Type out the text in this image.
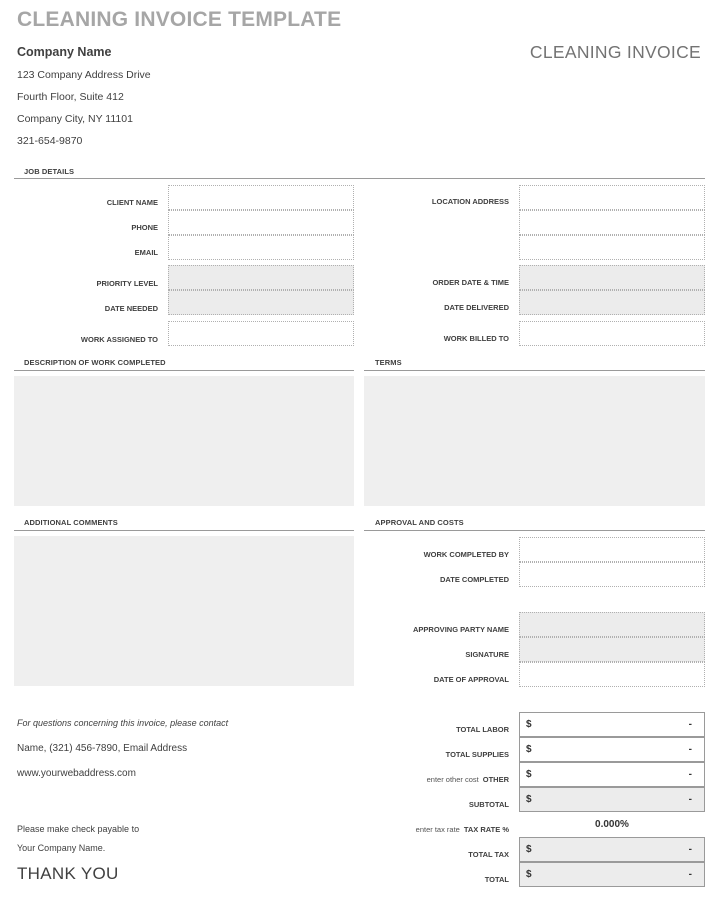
CLEANING INVOICE TEMPLATE
Company Name
123 Company Address Drive
Fourth Floor, Suite 412
Company City, NY 11101
321-654-9870
CLEANING INVOICE
JOB DETAILS
CLIENT NAME
PHONE
EMAIL
PRIORITY LEVEL
DATE NEEDED
WORK ASSIGNED TO
LOCATION ADDRESS
ORDER DATE & TIME
DATE DELIVERED
WORK BILLED TO
DESCRIPTION OF WORK COMPLETED	TERMS
ADDITIONAL COMMENTS	APPROVAL AND COSTS
WORK COMPLETED BY
DATE COMPLETED
APPROVING PARTY NAME
SIGNATURE
DATE OF APPROVAL
TOTAL LABOR $	-
TOTAL SUPPLIES $	-
enter other cost OTHER $	-
SUBTOTAL $	-
enter tax rate TAX RATE %	0.000%
TOTAL TAX $	-
TOTAL $	-
For questions concerning this invoice, please contact
Name, (321) 456-7890, Email Address
www.yourwebaddress.com
Please make check payable to
Your Company Name.
THANK YOU
